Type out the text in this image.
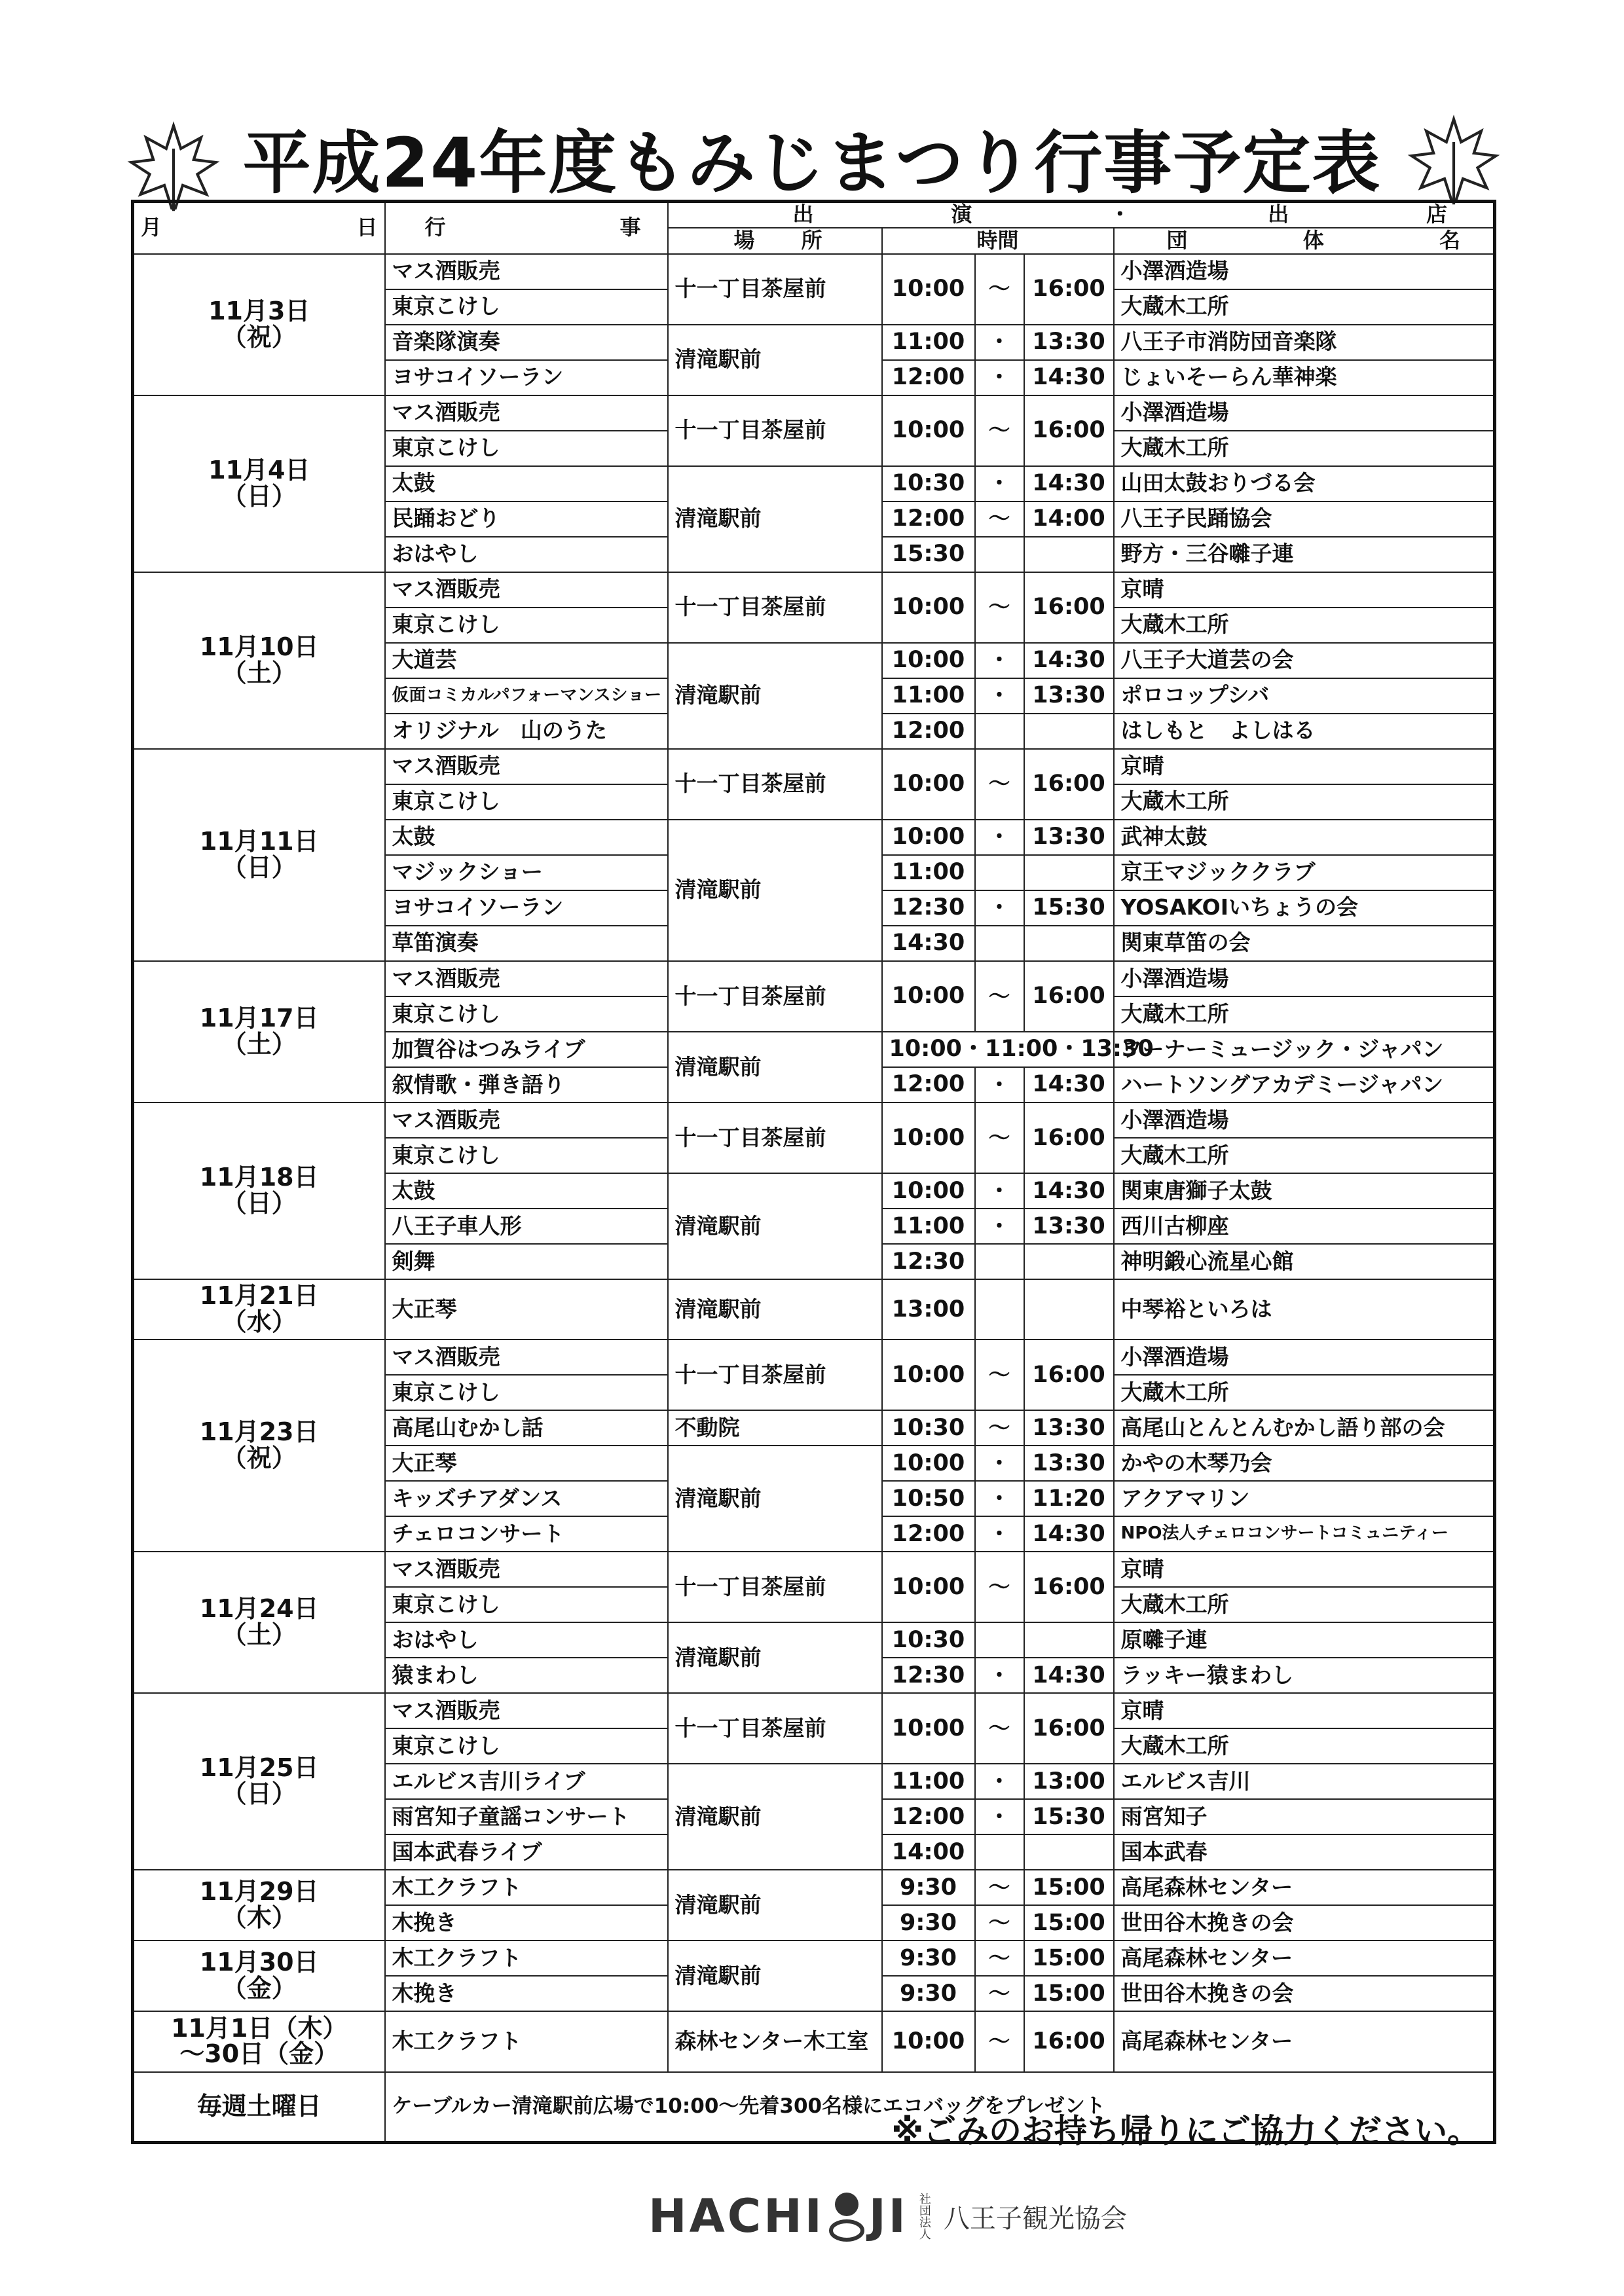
平成24年度もみじまつり行事予定表
月 日	行 事	出 演 ・ 出 店				

		場 所	時間			団 体 名

11月3日
（祝）	マス酒販売	十一丁目茶屋前	10:00	～	16:00	小澤酒造場
	東京こけし					大蔵木工所
	音楽隊演奏	清滝駅前	11:00	・	13:30	八王子市消防団音楽隊
	ヨサコイソーラン		12:00	・	14:30	じょいそーらん華神楽

11月4日
（日）	マス酒販売	十一丁目茶屋前	10:00	～	16:00	小澤酒造場
	東京こけし					大蔵木工所
	太鼓	清滝駅前	10:30	・	14:30	山田太鼓おりづる会
	民踊おどり		12:00	～	14:00	八王子民踊協会
	おはやし		15:30			野方・三谷囃子連

11月10日
（土）	マス酒販売	十一丁目茶屋前	10:00	～	16:00	京晴
	東京こけし					大蔵木工所
	大道芸	清滝駅前	10:00	・	14:30	八王子大道芸の会
	仮面コミカルパフォーマンスショー		11:00	・	13:30	ポロコップシバ
	オリジナル　山のうた		12:00			はしもと　よしはる

11月11日
（日）	マス酒販売	十一丁目茶屋前	10:00	～	16:00	京晴
	東京こけし					大蔵木工所
	太鼓	清滝駅前	10:00	・	13:30	武神太鼓
	マジックショー		11:00			京王マジッククラブ
	ヨサコイソーラン		12:30	・	15:30	YOSAKOIいちょうの会
	草笛演奏		14:30			関東草笛の会

11月17日
（土）	マス酒販売	十一丁目茶屋前	10:00	～	16:00	小澤酒造場
	東京こけし					大蔵木工所
	加賀谷はつみライブ	清滝駅前	10:00・11:00・13:30			ワーナーミュージック・ジャパン
	叙情歌・弾き語り		12:00	・	14:30	ハートソングアカデミージャパン

11月18日
（日）	マス酒販売	十一丁目茶屋前	10:00	～	16:00	小澤酒造場
	東京こけし					大蔵木工所
	太鼓	清滝駅前	10:00	・	14:30	関東唐獅子太鼓
	八王子車人形		11:00	・	13:30	西川古柳座
	剣舞		12:30			神明鍛心流星心館

11月21日
（水）	大正琴	清滝駅前	13:00			中琴裕といろは

11月23日
（祝）	マス酒販売	十一丁目茶屋前	10:00	～	16:00	小澤酒造場
	東京こけし					大蔵木工所
	高尾山むかし話	不動院	10:30	～	13:30	高尾山とんとんむかし語り部の会
	大正琴	清滝駅前	10:00	・	13:30	かやの木琴乃会
	キッズチアダンス		10:50	・	11:20	アクアマリン
	チェロコンサート		12:00	・	14:30	NPO法人チェロコンサートコミュニティー

11月24日
（土）	マス酒販売	十一丁目茶屋前	10:00	～	16:00	京晴
	東京こけし					大蔵木工所
	おはやし	清滝駅前	10:30			原囃子連
	猿まわし		12:30	・	14:30	ラッキー猿まわし

11月25日
（日）	マス酒販売	十一丁目茶屋前	10:00	～	16:00	京晴
	東京こけし					大蔵木工所
	エルビス吉川ライブ	清滝駅前	11:00	・	13:00	エルビス吉川
	雨宮知子童謡コンサート		12:00	・	15:30	雨宮知子
	国本武春ライブ		14:00			国本武春

11月29日
（木）	木工クラフト	清滝駅前	9:30	～	15:00	高尾森林センター
	木挽き		9:30	～	15:00	世田谷木挽きの会

11月30日
（金）	木工クラフト	清滝駅前	9:30	～	15:00	高尾森林センター
	木挽き		9:30	～	15:00	世田谷木挽きの会

11月1日（木）
～30日（金）	木工クラフト	森林センター木工室	10:00	～	16:00	高尾森林センター
毎週土曜日	ケーブルカー清滝駅前広場で10:00～先着300名様にエコバッグをプレゼント					
※ごみのお持ち帰りにご協力ください。
HACHI JI 社団法人 八王子観光協会
